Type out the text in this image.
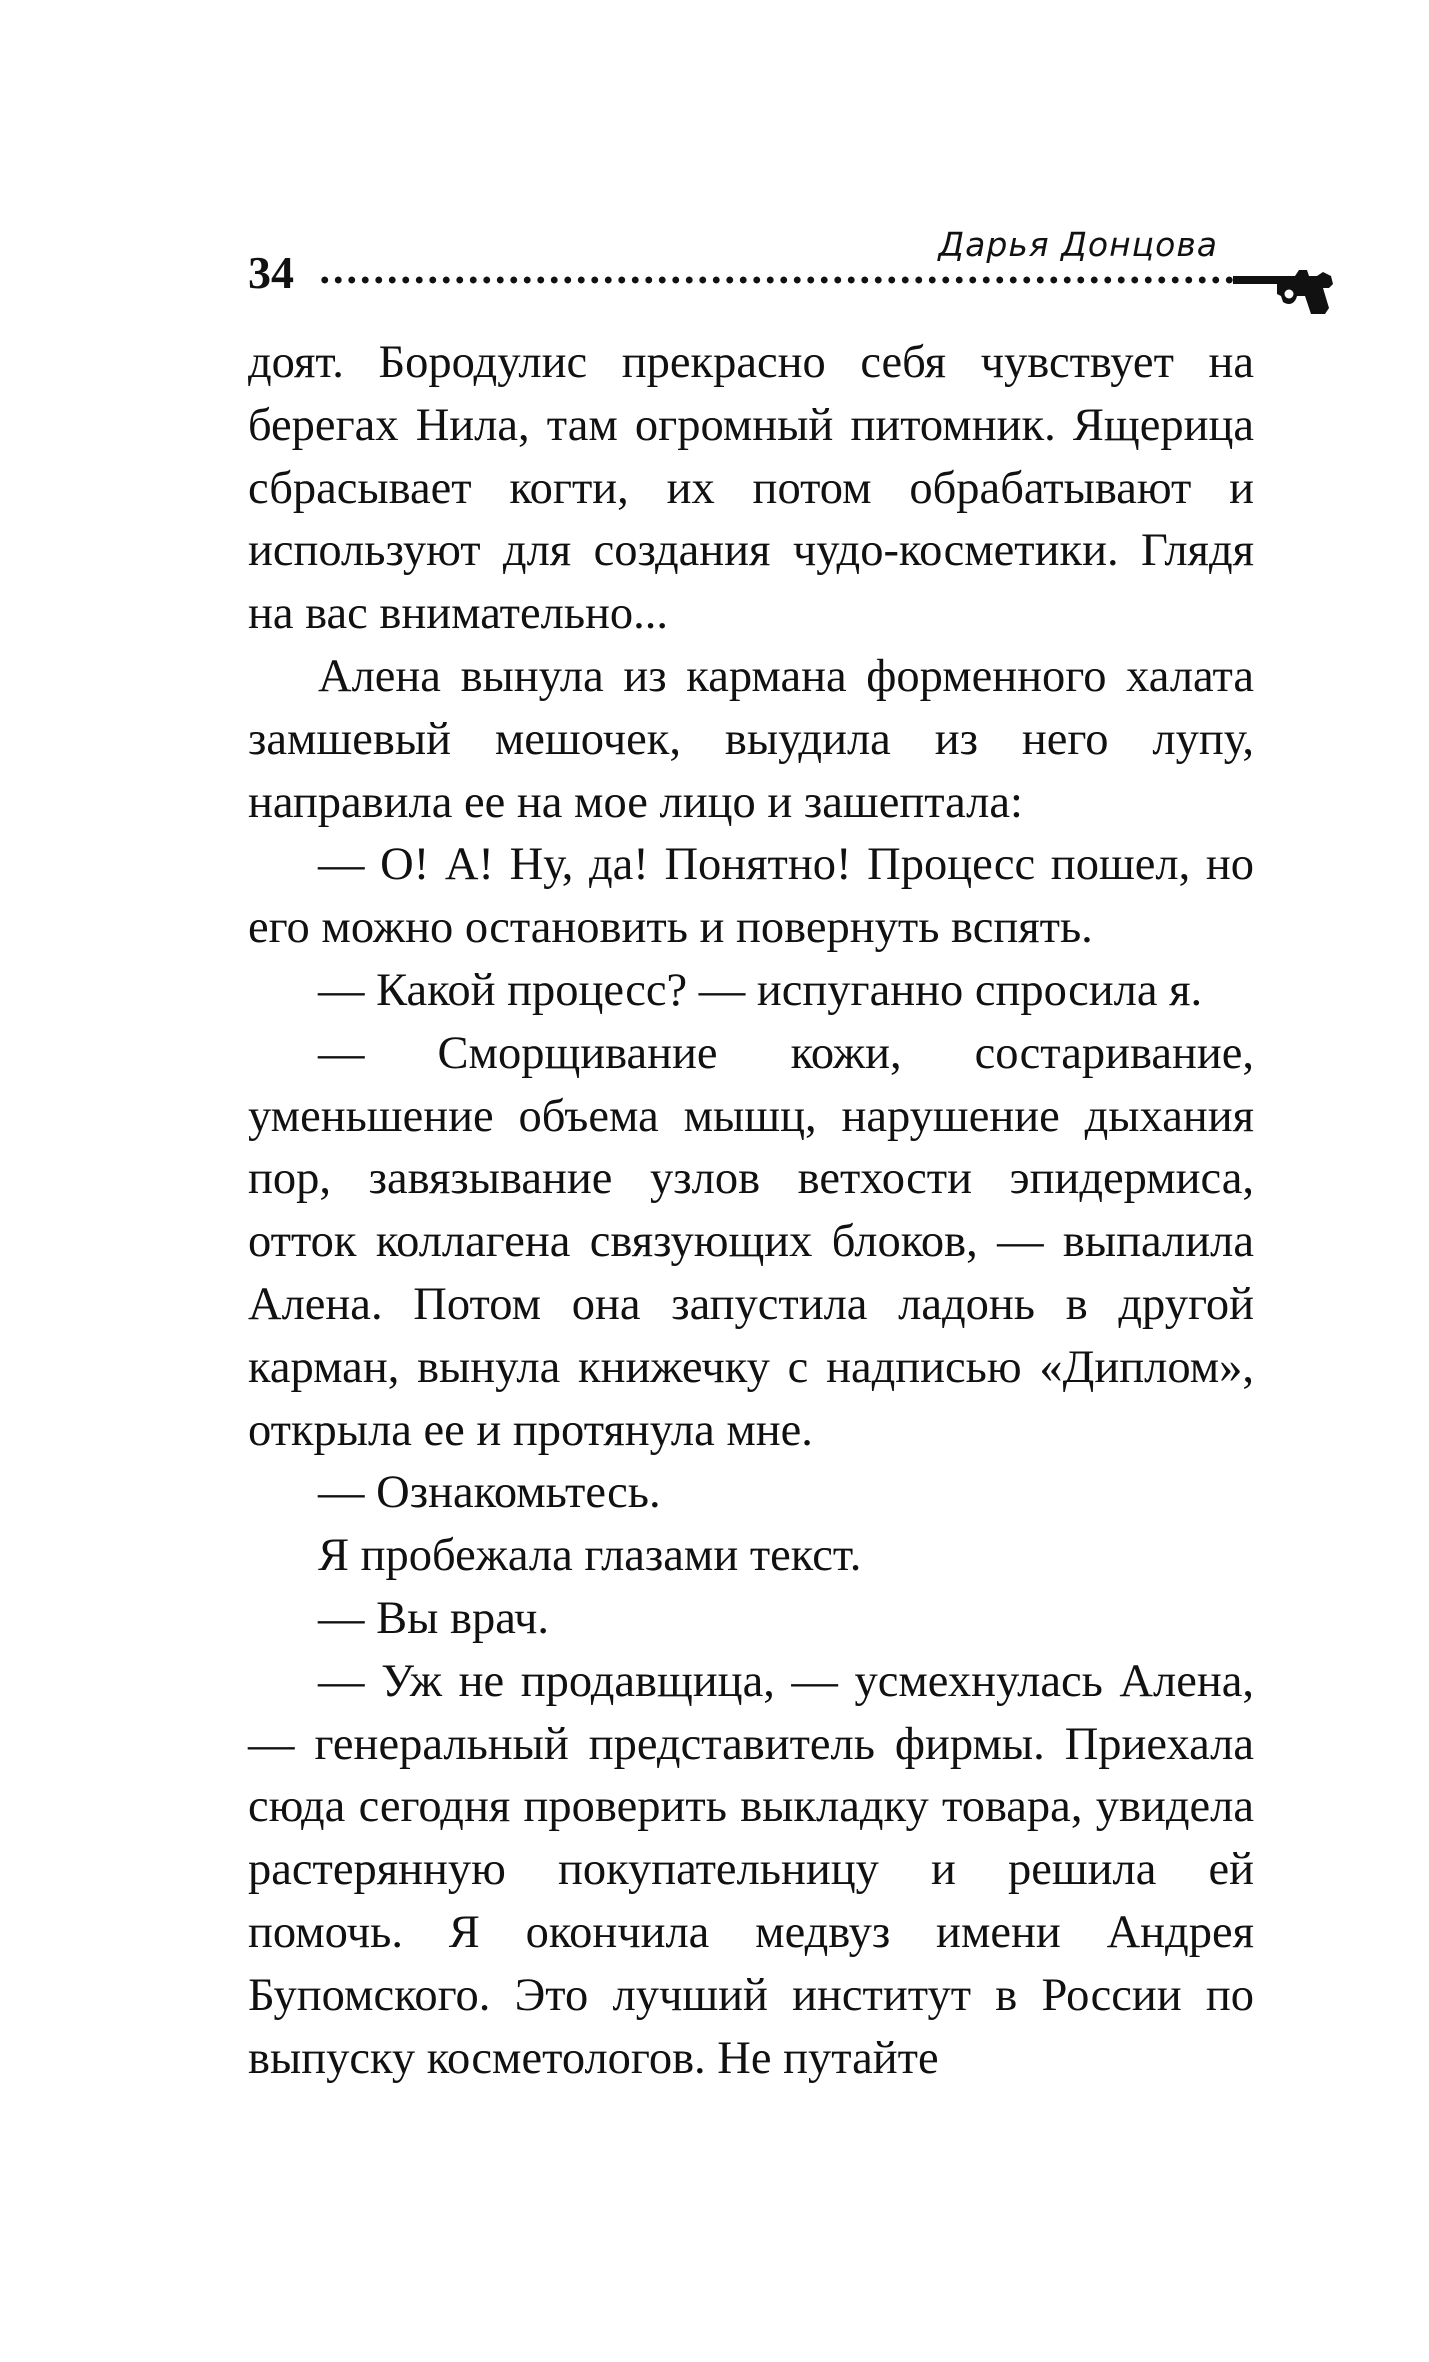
34
Дарья Донцова

доят. Бородулис прекрасно себя чувствует на берегах Нила, там огромный питомник. Ящерица сбрасывает когти, их потом обрабатывают и используют для создания чудо-косметики. Глядя на вас внимательно...

Алена вынула из кармана форменного халата замшевый мешочек, выудила из него лупу, направила ее на мое лицо и зашептала:

— О! А! Ну, да! Понятно! Процесс пошел, но его можно остановить и повернуть вспять.

— Какой процесс? — испуганно спросила я.

— Сморщивание кожи, состаривание, уменьшение объема мышц, нарушение дыхания пор, завязывание узлов ветхости эпидермиса, отток коллагена связующих блоков, — выпалила Алена. Потом она запустила ладонь в другой карман, вынула книжечку с надписью «Диплом», открыла ее и протянула мне.

— Ознакомьтесь.

Я пробежала глазами текст.

— Вы врач.

— Уж не продавщица, — усмехнулась Алена, — генеральный представитель фирмы. Приехала сюда сегодня проверить выкладку товара, увидела растерянную покупательницу и решила ей помочь. Я окончила медвуз имени Андрея Бупомского. Это лучший институт в России по выпуску косметологов. Не путайте
